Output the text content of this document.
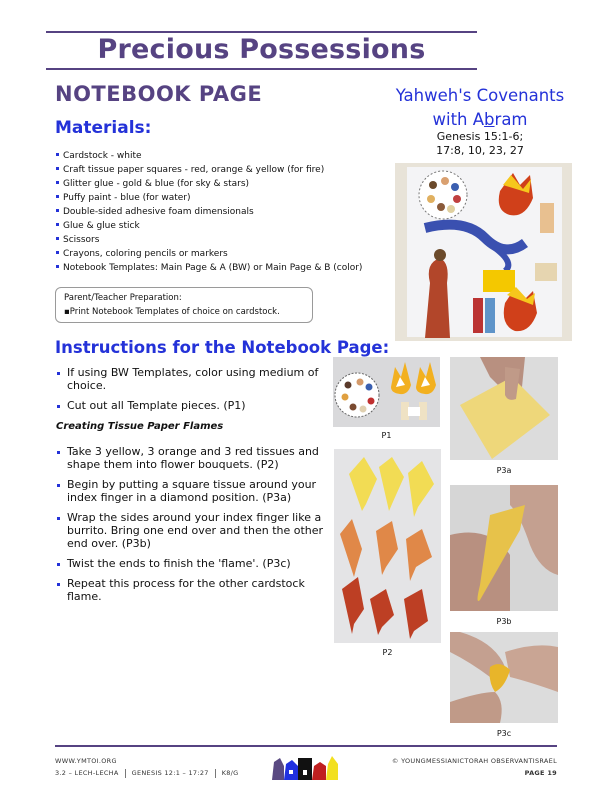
Precious Possessions
NOTEBOOK PAGE
Materials:
Cardstock - white
Craft tissue paper squares - red, orange & yellow (for fire)
Glitter glue - gold & blue (for sky & stars)
Puffy paint - blue (for water)
Double-sided adhesive foam dimensionals
Glue & glue stick
Scissors
Crayons, coloring pencils or markers
Notebook Templates: Main Page & A (BW) or Main Page & B (color)
Parent/Teacher Preparation:
▪Print Notebook Templates of choice on cardstock.
Instructions for the Notebook Page:
If using BW Templates, color using medium of choice.
Cut out all Template pieces. (P1)
Creating Tissue Paper Flames
Take 3 yellow, 3 orange and 3 red tissues and shape them into flower bouquets. (P2)
Begin by putting a square tissue around your index finger in a diamond position. (P3a)
Wrap the sides around your index finger like a burrito. Bring one end over and then the other end over. (P3b)
Twist the ends to finish the 'flame'. (P3c)
Repeat this process for the other cardstock flame.
Yahweh's Covenants
with Abram
Genesis 15:1-6;
17:8, 10, 23, 27
P1
P2
P3a
P3b
P3c
WWW.YMTOI.ORG
3.2 – LECH-LECHA GENESIS 12:1 – 17:27 K8/G
© YOUNGMESSIANICTORAH OBSERVANTISRAEL
PAGE 19
